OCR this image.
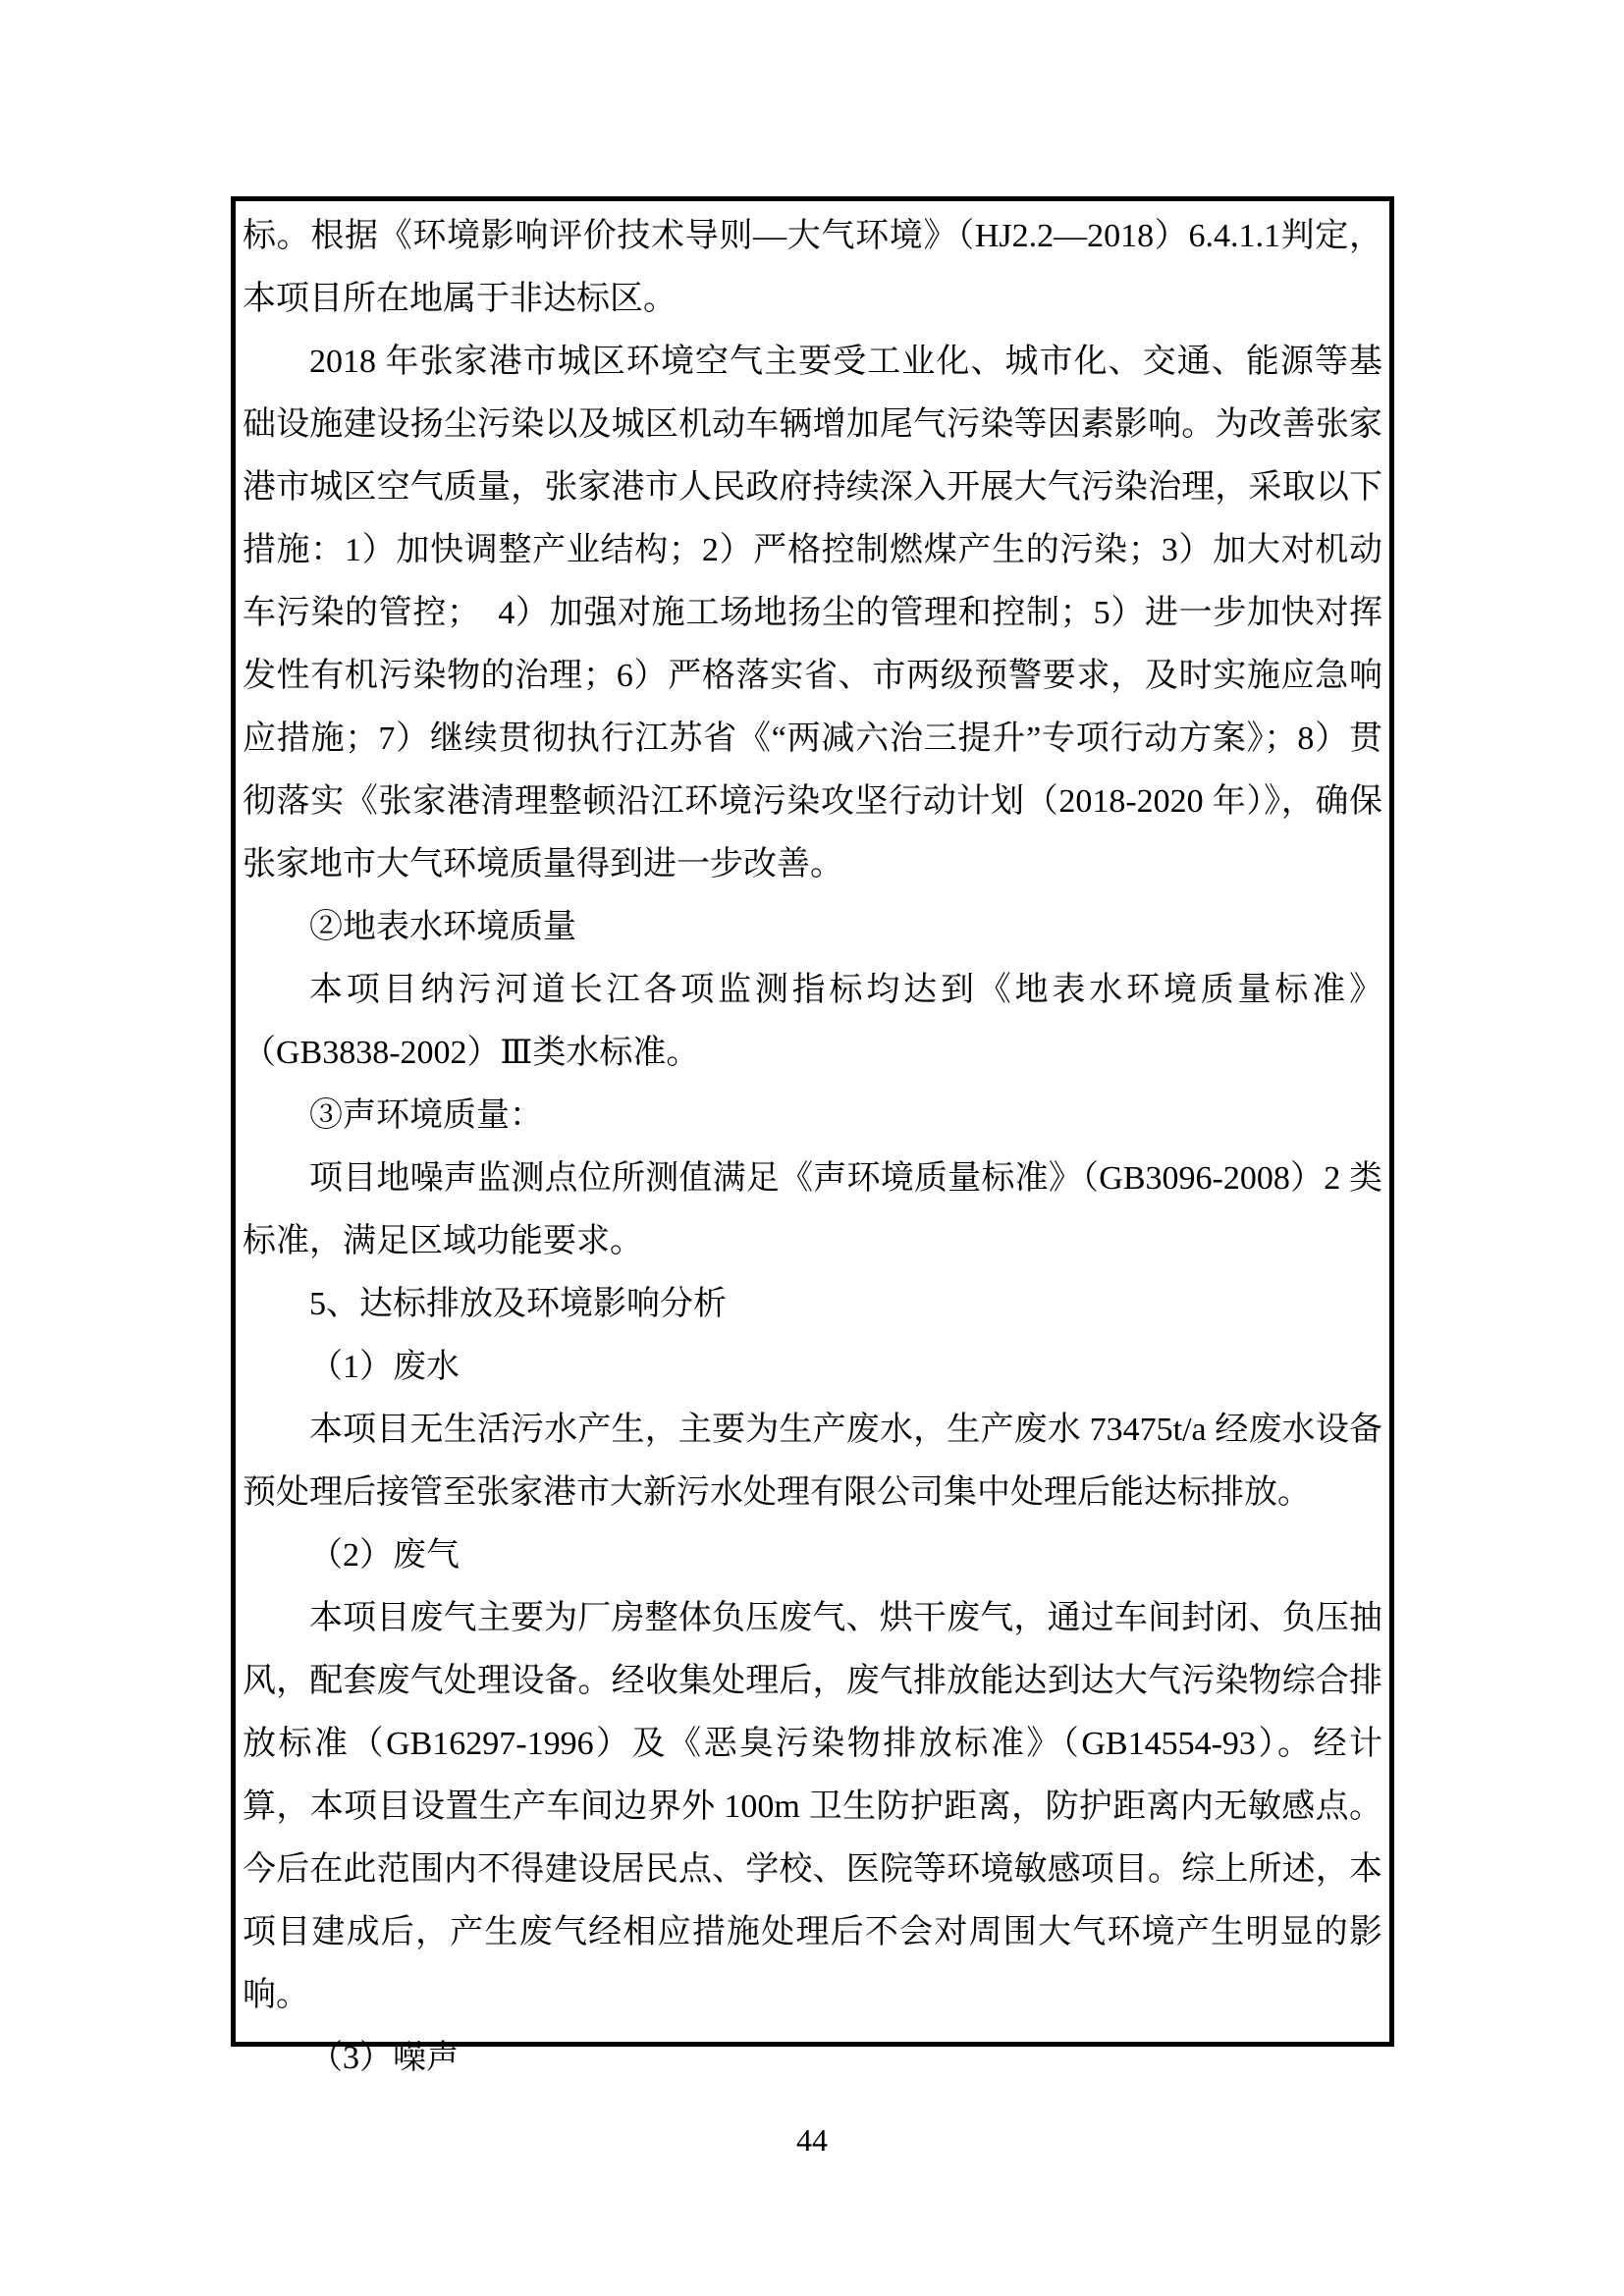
标。根据《环境影响评价技术导则—大气环境》（HJ2.2—2018）6.4.1.1判定，本项目所在地属于非达标区。

2018 年张家港市城区环境空气主要受工业化、城市化、交通、能源等基础设施建设扬尘污染以及城区机动车辆增加尾气污染等因素影响。为改善张家港市城区空气质量，张家港市人民政府持续深入开展大气污染治理，采取以下措施：1）加快调整产业结构；2）严格控制燃煤产生的污染；3）加大对机动车污染的管控；　4）加强对施工场地扬尘的管理和控制；5）进一步加快对挥发性有机污染物的治理；6）严格落实省、市两级预警要求，及时实施应急响应措施；7）继续贯彻执行江苏省《“两减六治三提升”专项行动方案》；8）贯彻落实《张家港清理整顿沿江环境污染攻坚行动计划（2018-2020 年）》，确保张家地市大气环境质量得到进一步改善。

②地表水环境质量

本项目纳污河道长江各项监测指标均达到《地表水环境质量标准》（GB3838-2002）Ⅲ类水标准。

③声环境质量：

项目地噪声监测点位所测值满足《声环境质量标准》（GB3096-2008）2 类标准，满足区域功能要求。

5、达标排放及环境影响分析

（1）废水

本项目无生活污水产生，主要为生产废水，生产废水 73475t/a 经废水设备预处理后接管至张家港市大新污水处理有限公司集中处理后能达标排放。

（2）废气

本项目废气主要为厂房整体负压废气、烘干废气，通过车间封闭、负压抽风，配套废气处理设备。经收集处理后，废气排放能达到达大气污染物综合排放标准（GB16297-1996）及《恶臭污染物排放标准》（GB14554-93）。经计算，本项目设置生产车间边界外 100m 卫生防护距离，防护距离内无敏感点。今后在此范围内不得建设居民点、学校、医院等环境敏感项目。综上所述，本项目建成后，产生废气经相应措施处理后不会对周围大气环境产生明显的影响。

（3）噪声

44
